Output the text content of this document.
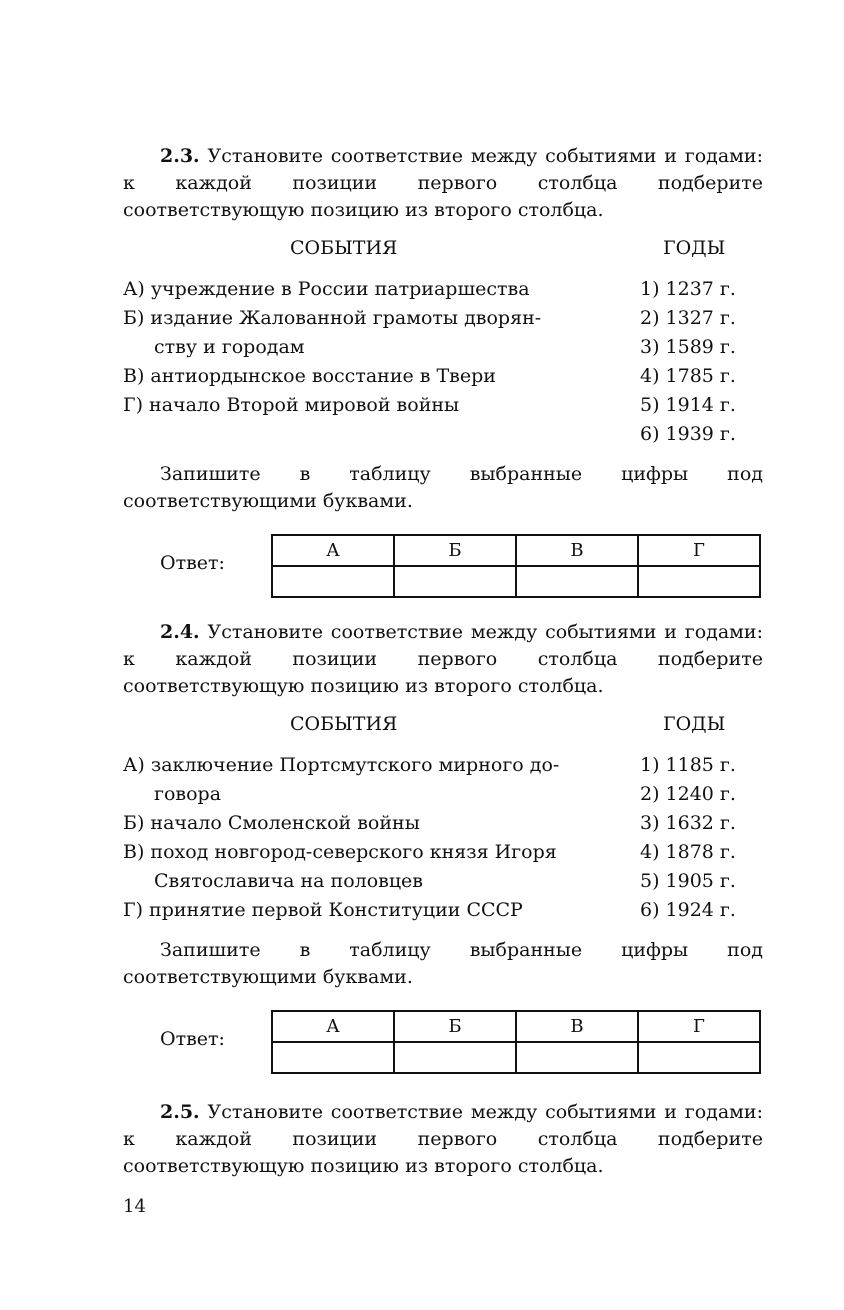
2.3. Установите соответствие между событиями и годами: к каждой позиции первого столбца подберите соответствующую позицию из второго столбца.

СОБЫТИЯ	ГОДЫ
А) учреждение в России патриаршества	1) 1237 г.
Б) издание Жалованной грамоты дворян-	2) 1327 г.
ству и городам	3) 1589 г.
В) антиордынское восстание в Твери	4) 1785 г.
Г) начало Второй мировой войны	5) 1914 г.
6) 1939 г.

Запишите в таблицу выбранные цифры под соответствующими буквами.

Ответ:
А	Б	В	Г

2.4. Установите соответствие между событиями и годами: к каждой позиции первого столбца подберите соответствующую позицию из второго столбца.

СОБЫТИЯ	ГОДЫ
А) заключение Портсмутского мирного до-	1) 1185 г.
говора	2) 1240 г.
Б) начало Смоленской войны	3) 1632 г.
В) поход новгород-северского князя Игоря	4) 1878 г.
Святославича на половцев	5) 1905 г.
Г) принятие первой Конституции СССР	6) 1924 г.

Запишите в таблицу выбранные цифры под соответствующими буквами.

Ответ:
А	Б	В	Г

2.5. Установите соответствие между событиями и годами: к каждой позиции первого столбца подберите соответствующую позицию из второго столбца.

14
